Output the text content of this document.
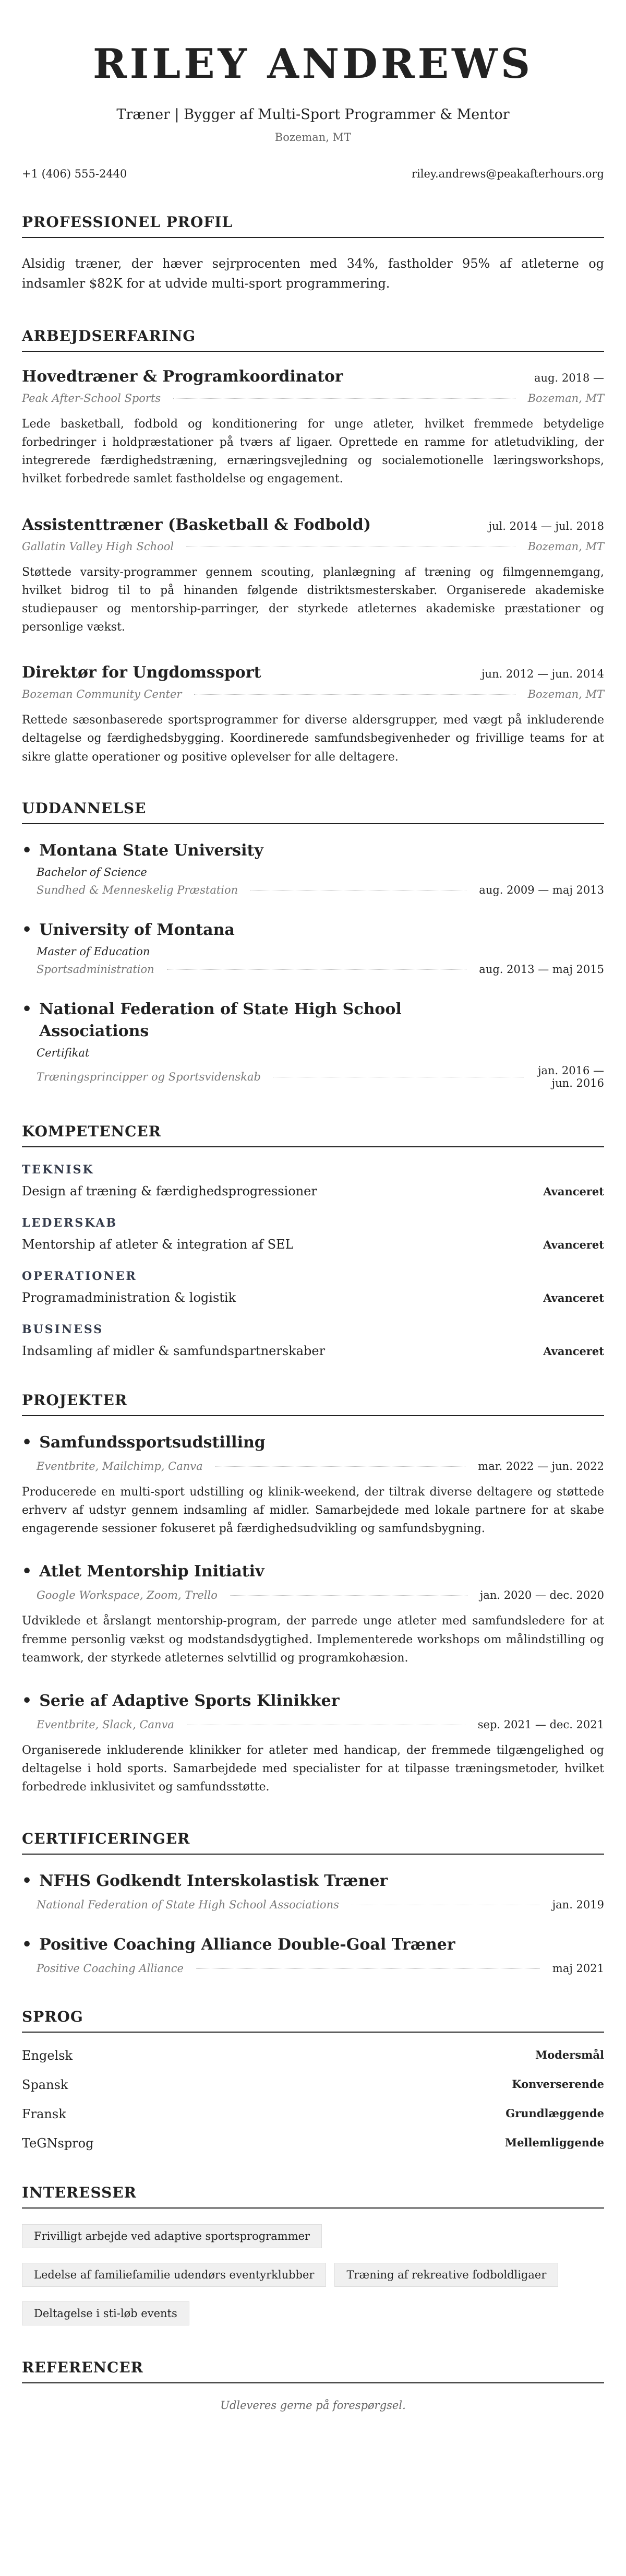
RILEY ANDREWS
Træner | Bygger af Multi-Sport Programmer & Mentor
Bozeman, MT
+1 (406) 555-2440	riley.andrews@peakafterhours.org
PROFESSIONEL PROFIL
Alsidig træner, der hæver sejrprocenten med 34%, fastholder 95% af atleterne og indsamler $82K for at udvide multi-sport programmering.
ARBEJDSERFARING
Hovedtræner & Programkoordinator	aug. 2018 —
Peak After-School Sports	Bozeman, MT
Lede basketball, fodbold og konditionering for unge atleter, hvilket fremmede betydelige forbedringer i holdpræstationer på tværs af ligaer. Oprettede en ramme for atletudvikling, der integrerede færdighedstræning, ernæringsvejledning og socialemotionelle læringsworkshops, hvilket forbedrede samlet fastholdelse og engagement.
Assistenttræner (Basketball & Fodbold)	jul. 2014 — jul. 2018
Gallatin Valley High School	Bozeman, MT
Støttede varsity-programmer gennem scouting, planlægning af træning og filmgennemgang, hvilket bidrog til to på hinanden følgende distriktsmesterskaber. Organiserede akademiske studiepauser og mentorship-parringer, der styrkede atleternes akademiske præstationer og personlige vækst.
Direktør for Ungdomssport	jun. 2012 — jun. 2014
Bozeman Community Center	Bozeman, MT
Rettede sæsonbaserede sportsprogrammer for diverse aldersgrupper, med vægt på inkluderende deltagelse og færdighedsbygging. Koordinerede samfundsbegivenheder og frivillige teams for at sikre glatte operationer og positive oplevelser for alle deltagere.
UDDANNELSE
• Montana State University
Bachelor of Science
Sundhed & Menneskelig Præstation	aug. 2009 — maj 2013
• University of Montana
Master of Education
Sportsadministration	aug. 2013 — maj 2015
• National Federation of State High School Associations
Certifikat
Træningsprincipper og Sportsvidenskab	jan. 2016 — jun. 2016
KOMPETENCER
TEKNISK
Design af træning & færdighedsprogressioner	Avanceret
LEDERSKAB
Mentorship af atleter & integration af SEL	Avanceret
OPERATIONER
Programadministration & logistik	Avanceret
BUSINESS
Indsamling af midler & samfundspartnerskaber	Avanceret
PROJEKTER
• Samfundssportsudstilling
Eventbrite, Mailchimp, Canva	mar. 2022 — jun. 2022
Producerede en multi-sport udstilling og klinik-weekend, der tiltrak diverse deltagere og støttede erhverv af udstyr gennem indsamling af midler. Samarbejdede med lokale partnere for at skabe engagerende sessioner fokuseret på færdighedsudvikling og samfundsbygning.
• Atlet Mentorship Initiativ
Google Workspace, Zoom, Trello	jan. 2020 — dec. 2020
Udviklede et årslangt mentorship-program, der parrede unge atleter med samfundsledere for at fremme personlig vækst og modstandsdygtighed. Implementerede workshops om målindstilling og teamwork, der styrkede atleternes selvtillid og programkohæsion.
• Serie af Adaptive Sports Klinikker
Eventbrite, Slack, Canva	sep. 2021 — dec. 2021
Organiserede inkluderende klinikker for atleter med handicap, der fremmede tilgængelighed og deltagelse i hold sports. Samarbejdede med specialister for at tilpasse træningsmetoder, hvilket forbedrede inklusivitet og samfundsstøtte.
CERTIFICERINGER
• NFHS Godkendt Interskolastisk Træner
National Federation of State High School Associations	jan. 2019
• Positive Coaching Alliance Double-Goal Træner
Positive Coaching Alliance	maj 2021
SPROG
Engelsk	Modersmål
Spansk	Konverserende
Fransk	Grundlæggende
TeGNsprog	Mellemliggende
INTERESSER
Frivilligt arbejde ved adaptive sportsprogrammer
Ledelse af familiefamilie udendørs eventyrklubber	Træning af rekreative fodboldligaer
Deltagelse i sti-løb events
REFERENCER
Udleveres gerne på forespørgsel.
